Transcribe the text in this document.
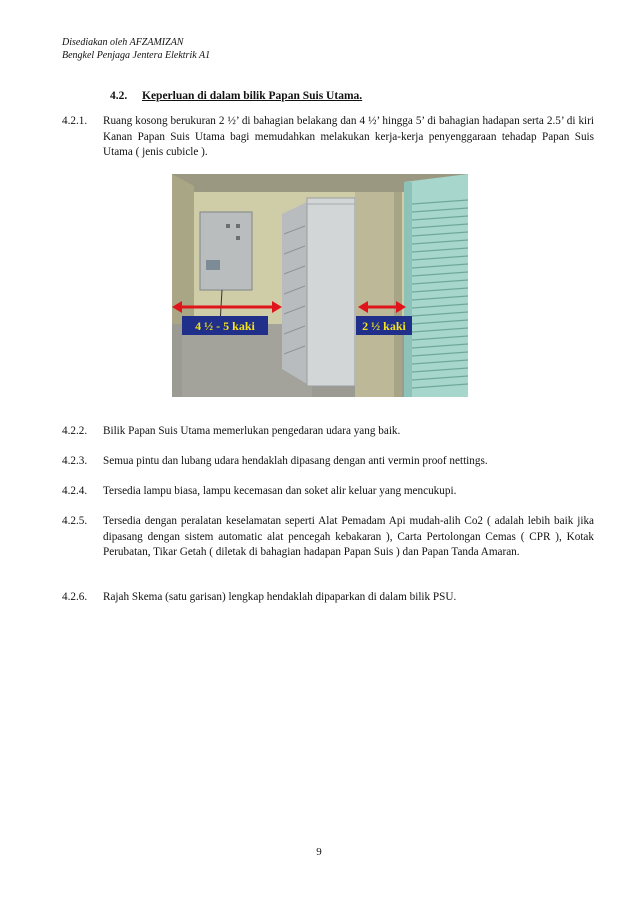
Disediakan oleh AFZAMIZAN
Bengkel Penjaga Jentera Elektrik A1
4.2. Keperluan di dalam bilik Papan Suis Utama.
4.2.1. Ruang kosong berukuran 2 ½’ di bahagian belakang dan 4 ½’ hingga 5’ di bahagian hadapan serta 2.5’ di kiri Kanan Papan Suis Utama bagi memudahkan melakukan kerja-kerja penyenggaraan tehadap Papan Suis Utama ( jenis cubicle ).
4 ½ - 5 kaki	2 ½ kaki
4.2.2. Bilik Papan Suis Utama memerlukan pengedaran udara yang baik.
4.2.3. Semua pintu dan lubang udara hendaklah dipasang dengan anti vermin proof nettings.
4.2.4. Tersedia lampu biasa, lampu kecemasan dan soket alir keluar yang mencukupi.
4.2.5. Tersedia dengan peralatan keselamatan seperti Alat Pemadam Api mudah-alih Co2 ( adalah lebih baik jika dipasang dengan sistem automatic alat pencegah kebakaran ), Carta Pertolongan Cemas ( CPR ), Kotak Perubatan, Tikar Getah ( diletak di bahagian hadapan Papan Suis ) dan Papan Tanda Amaran.
4.2.6. Rajah Skema (satu garisan) lengkap hendaklah dipaparkan di dalam bilik PSU.
9
